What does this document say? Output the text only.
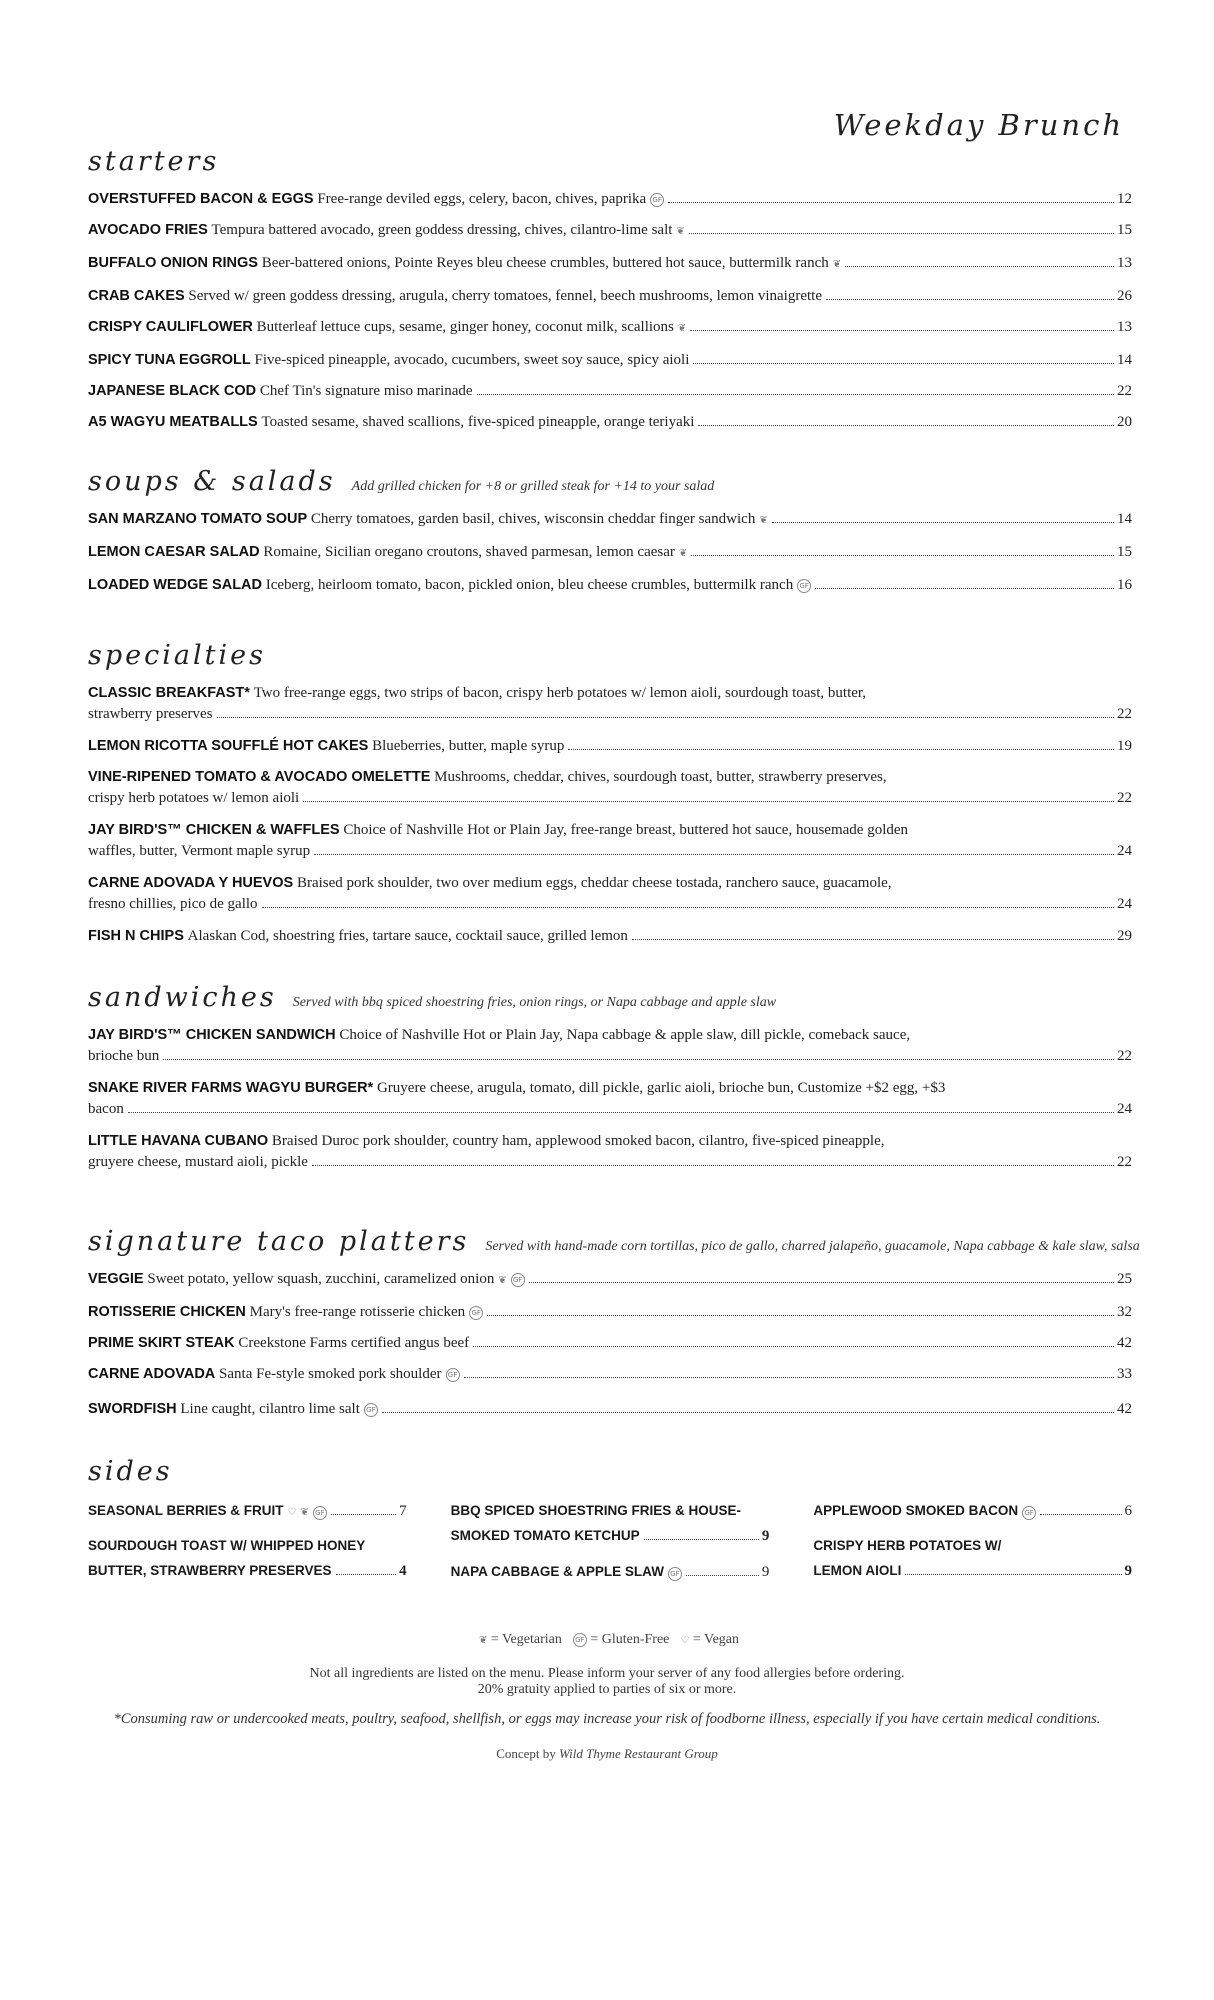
Weekday Brunch
starters
OVERSTUFFED BACON & EGGS Free-range deviled eggs, celery, bacon, chives, paprika GF	12
AVOCADO FRIES Tempura battered avocado, green goddess dressing, chives, cilantro-lime salt ❦	15
BUFFALO ONION RINGS Beer-battered onions, Pointe Reyes bleu cheese crumbles, buttered hot sauce, buttermilk ranch ❦	13
CRAB CAKES Served w/ green goddess dressing, arugula, cherry tomatoes, fennel, beech mushrooms, lemon vinaigrette	26
CRISPY CAULIFLOWER Butterleaf lettuce cups, sesame, ginger honey, coconut milk, scallions ❦	13
SPICY TUNA EGGROLL Five-spiced pineapple, avocado, cucumbers, sweet soy sauce, spicy aioli	14
JAPANESE BLACK COD Chef Tin's signature miso marinade	22
A5 WAGYU MEATBALLS Toasted sesame, shaved scallions, five-spiced pineapple, orange teriyaki	20
soups & salads Add grilled chicken for +8 or grilled steak for +14 to your salad
SAN MARZANO TOMATO SOUP Cherry tomatoes, garden basil, chives, wisconsin cheddar finger sandwich ❦	14
LEMON CAESAR SALAD Romaine, Sicilian oregano croutons, shaved parmesan, lemon caesar ❦	15
LOADED WEDGE SALAD Iceberg, heirloom tomato, bacon, pickled onion, bleu cheese crumbles, buttermilk ranch GF	16
specialties
CLASSIC BREAKFAST* Two free-range eggs, two strips of bacon, crispy herb potatoes w/ lemon aioli, sourdough toast, butter,
strawberry preserves	22
LEMON RICOTTA SOUFFLÉ HOT CAKES Blueberries, butter, maple syrup	19
VINE-RIPENED TOMATO & AVOCADO OMELETTE Mushrooms, cheddar, chives, sourdough toast, butter, strawberry preserves,
crispy herb potatoes w/ lemon aioli	22
JAY BIRD'S™ CHICKEN & WAFFLES Choice of Nashville Hot or Plain Jay, free-range breast, buttered hot sauce, housemade golden
waffles, butter, Vermont maple syrup	24
CARNE ADOVADA Y HUEVOS Braised pork shoulder, two over medium eggs, cheddar cheese tostada, ranchero sauce, guacamole,
fresno chillies, pico de gallo	24
FISH N CHIPS Alaskan Cod, shoestring fries, tartare sauce, cocktail sauce, grilled lemon	29
sandwiches Served with bbq spiced shoestring fries, onion rings, or Napa cabbage and apple slaw
JAY BIRD'S™ CHICKEN SANDWICH Choice of Nashville Hot or Plain Jay, Napa cabbage & apple slaw, dill pickle, comeback sauce,
brioche bun	22
SNAKE RIVER FARMS WAGYU BURGER* Gruyere cheese, arugula, tomato, dill pickle, garlic aioli, brioche bun, Customize +$2 egg, +$3
bacon	24
LITTLE HAVANA CUBANO Braised Duroc pork shoulder, country ham, applewood smoked bacon, cilantro, five-spiced pineapple,
gruyere cheese, mustard aioli, pickle	22
signature taco platters Served with hand-made corn tortillas, pico de gallo, charred jalapeño, guacamole, Napa cabbage & kale slaw, salsa
VEGGIE Sweet potato, yellow squash, zucchini, caramelized onion ❦ GF	25
ROTISSERIE CHICKEN Mary's free-range rotisserie chicken GF	32
PRIME SKIRT STEAK Creekstone Farms certified angus beef	42
CARNE ADOVADA Santa Fe-style smoked pork shoulder GF	33
SWORDFISH Line caught, cilantro lime salt GF	42
sides
SEASONAL BERRIES & FRUIT ♡ ❦ GF	7
SOURDOUGH TOAST W/ WHIPPED HONEY
BUTTER, STRAWBERRY PRESERVES	4
BBQ SPICED SHOESTRING FRIES & HOUSE-
SMOKED TOMATO KETCHUP	9
NAPA CABBAGE & APPLE SLAW GF	9
APPLEWOOD SMOKED BACON GF	6
CRISPY HERB POTATOES W/
LEMON AIOLI	9
❦ = Vegetarian GF = Gluten-Free ♡ = Vegan
Not all ingredients are listed on the menu. Please inform your server of any food allergies before ordering.
20% gratuity applied to parties of six or more.
*Consuming raw or undercooked meats, poultry, seafood, shellfish, or eggs may increase your risk of foodborne illness, especially if you have certain medical conditions.
Concept by Wild Thyme Restaurant Group
